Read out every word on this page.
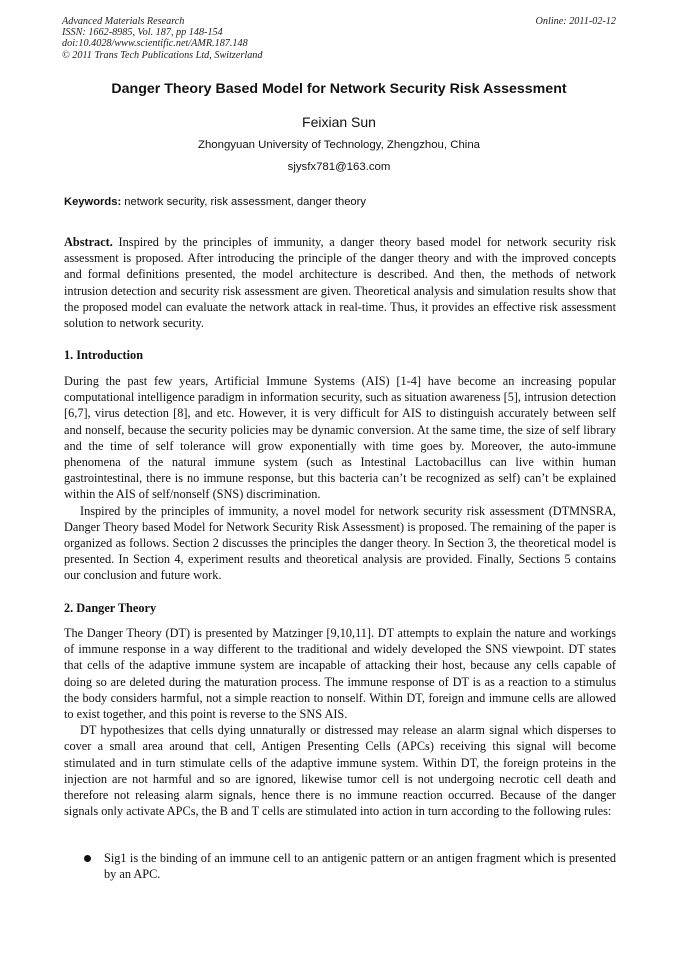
Advanced Materials Research
ISSN: 1662-8985, Vol. 187, pp 148-154
doi:10.4028/www.scientific.net/AMR.187.148
© 2011 Trans Tech Publications Ltd, Switzerland
Online: 2011-02-12
Danger Theory Based Model for Network Security Risk Assessment
Feixian Sun
Zhongyuan University of Technology, Zhengzhou, China
sjysfx781@163.com
Keywords: network security, risk assessment, danger theory

Abstract. Inspired by the principles of immunity, a danger theory based model for network security risk assessment is proposed. After introducing the principle of the danger theory and with the improved concepts and formal definitions presented, the model architecture is described. And then, the methods of network intrusion detection and security risk assessment are given. Theoretical analysis and simulation results show that the proposed model can evaluate the network attack in real-time. Thus, it provides an effective risk assessment solution to network security.

1. Introduction

During the past few years, Artificial Immune Systems (AIS) [1-4] have become an increasing popular computational intelligence paradigm in information security, such as situation awareness [5], intrusion detection [6,7], virus detection [8], and etc. However, it is very difficult for AIS to distinguish accurately between self and nonself, because the security policies may be dynamic conversion. At the same time, the size of self library and the time of self tolerance will grow exponentially with time goes by. Moreover, the auto-immune phenomena of the natural immune system (such as Intestinal Lactobacillus can live within human gastrointestinal, there is no immune response, but this bacteria can’t be recognized as self) can’t be explained within the AIS of self/nonself (SNS) discrimination.

Inspired by the principles of immunity, a novel model for network security risk assessment (DTMNSRA, Danger Theory based Model for Network Security Risk Assessment) is proposed. The remaining of the paper is organized as follows. Section 2 discusses the principles the danger theory. In Section 3, the theoretical model is presented. In Section 4, experiment results and theoretical analysis are provided. Finally, Sections 5 contains our conclusion and future work.

2. Danger Theory

The Danger Theory (DT) is presented by Matzinger [9,10,11]. DT attempts to explain the nature and workings of immune response in a way different to the traditional and widely developed the SNS viewpoint. DT states that cells of the adaptive immune system are incapable of attacking their host, because any cells capable of doing so are deleted during the maturation process. The immune response of DT is as a reaction to a stimulus the body considers harmful, not a simple reaction to nonself. Within DT, foreign and immune cells are allowed to exist together, and this point is reverse to the SNS AIS.

DT hypothesizes that cells dying unnaturally or distressed may release an alarm signal which disperses to cover a small area around that cell, Antigen Presenting Cells (APCs) receiving this signal will become stimulated and in turn stimulate cells of the adaptive immune system. Within DT, the foreign proteins in the injection are not harmful and so are ignored, likewise tumor cell is not undergoing necrotic cell death and therefore not releasing alarm signals, hence there is no immune reaction occurred. Because of the danger signals only activate APCs, the B and T cells are stimulated into action in turn according to the following rules:

Sig1 is the binding of an immune cell to an antigenic pattern or an antigen fragment which is presented by an APC.
